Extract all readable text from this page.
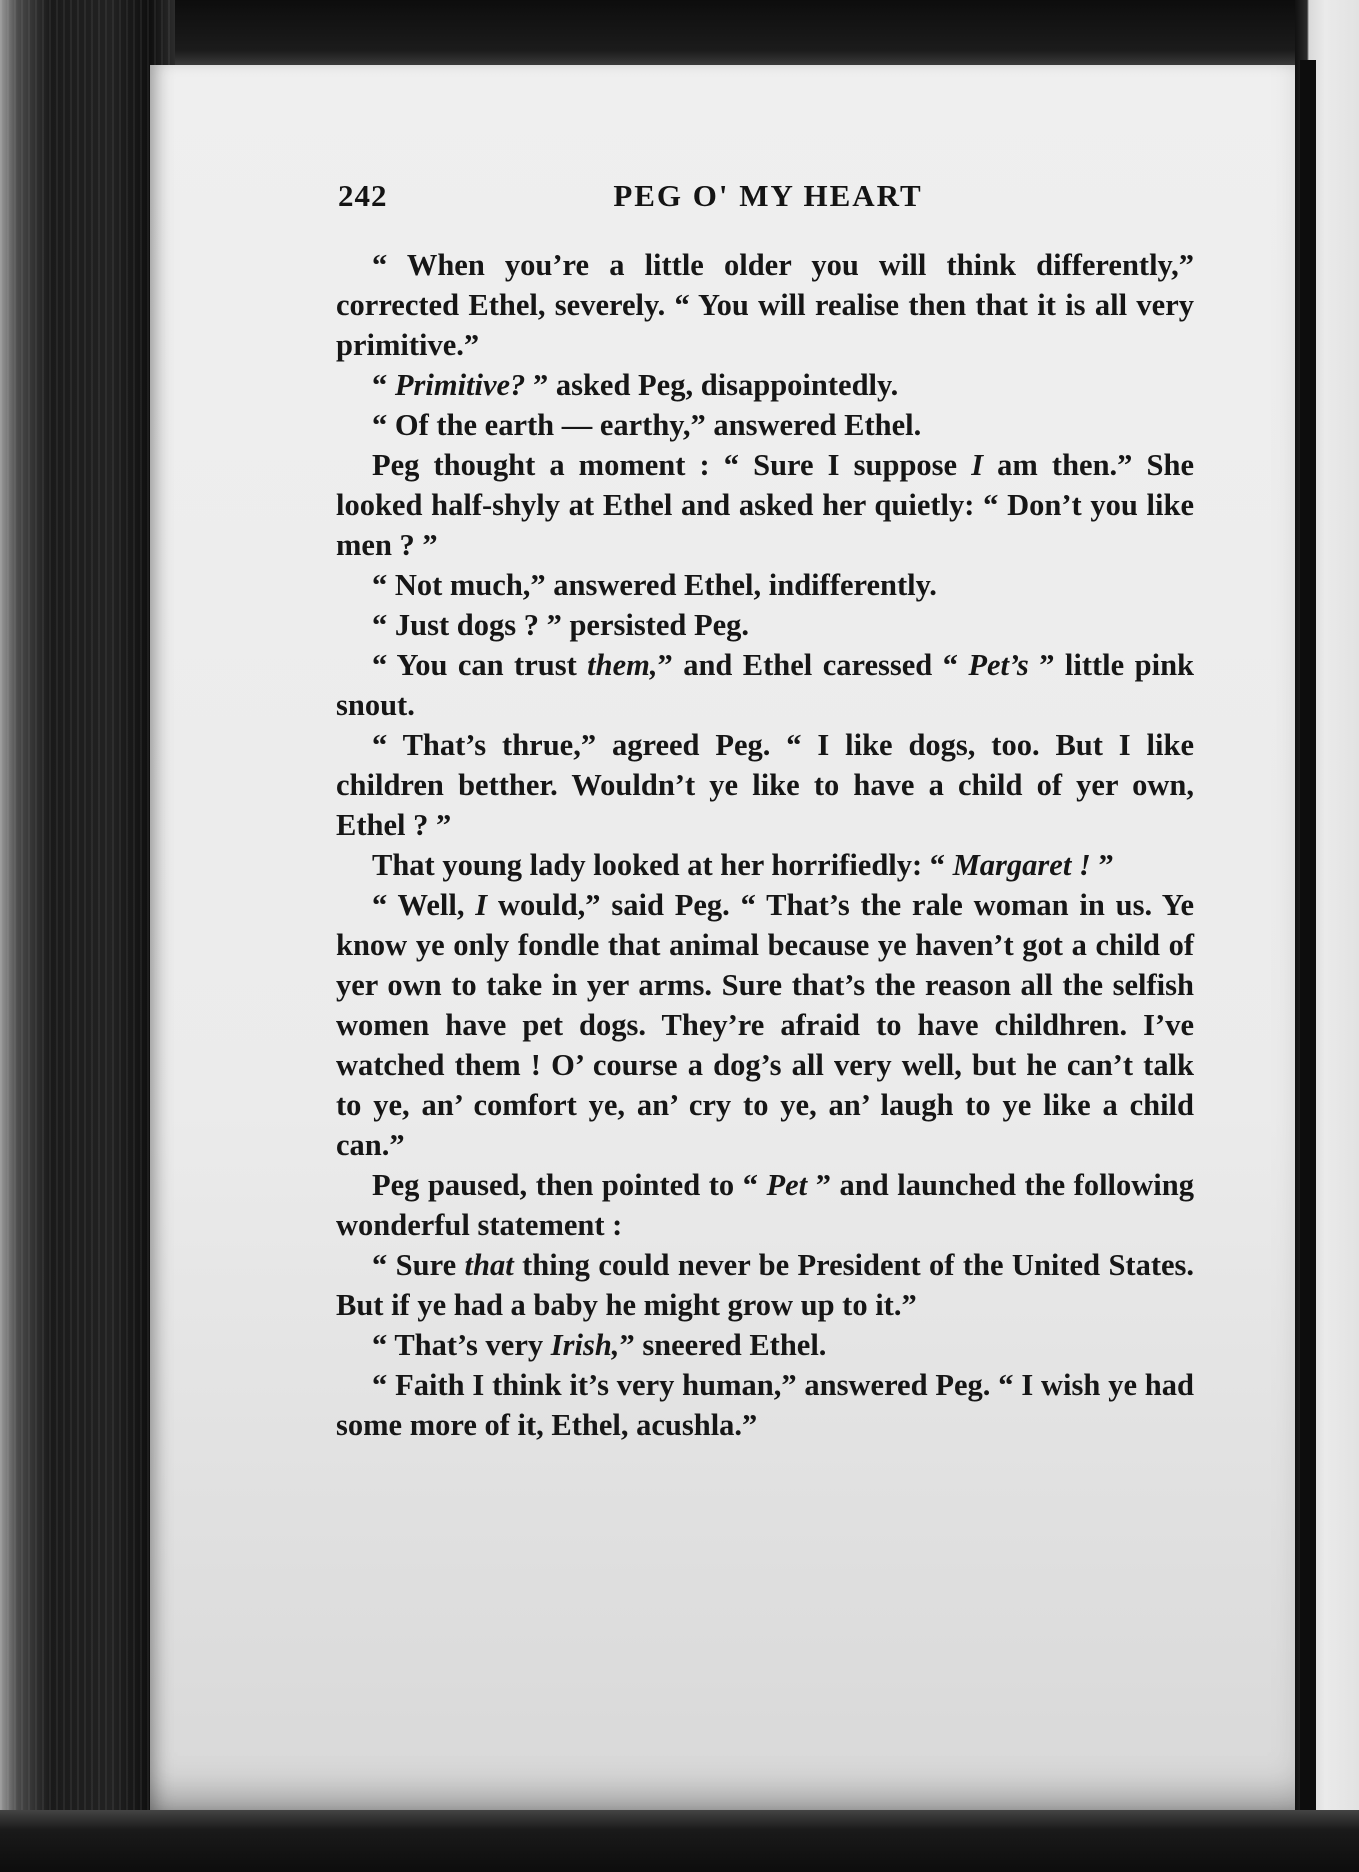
242	PEG O' MY HEART

“ When you’re a little older you will think differently,” corrected Ethel, severely. “ You will realise then that it is all very primitive.”

“ Primitive? ” asked Peg, disappointedly.

“ Of the earth — earthy,” answered Ethel.

Peg thought a moment : “ Sure I suppose I am then.” She looked half-shyly at Ethel and asked her quietly: “ Don’t you like men ? ”

“ Not much,” answered Ethel, indifferently.

“ Just dogs ? ” persisted Peg.

“ You can trust them,” and Ethel caressed “ Pet’s ” little pink snout.

“ That’s thrue,” agreed Peg. “ I like dogs, too. But I like children betther. Wouldn’t ye like to have a child of yer own, Ethel ? ”

That young lady looked at her horrifiedly: “ Margaret ! ”

“ Well, I would,” said Peg. “ That’s the rale woman in us. Ye know ye only fondle that animal because ye haven’t got a child of yer own to take in yer arms. Sure that’s the reason all the selfish women have pet dogs. They’re afraid to have childhren. I’ve watched them ! O’ course a dog’s all very well, but he can’t talk to ye, an’ comfort ye, an’ cry to ye, an’ laugh to ye like a child can.”

Peg paused, then pointed to “ Pet ” and launched the following wonderful statement :

“ Sure that thing could never be President of the United States. But if ye had a baby he might grow up to it.”

“ That’s very Irish,” sneered Ethel.

“ Faith I think it’s very human,” answered Peg. “ I wish ye had some more of it, Ethel, acushla.”
